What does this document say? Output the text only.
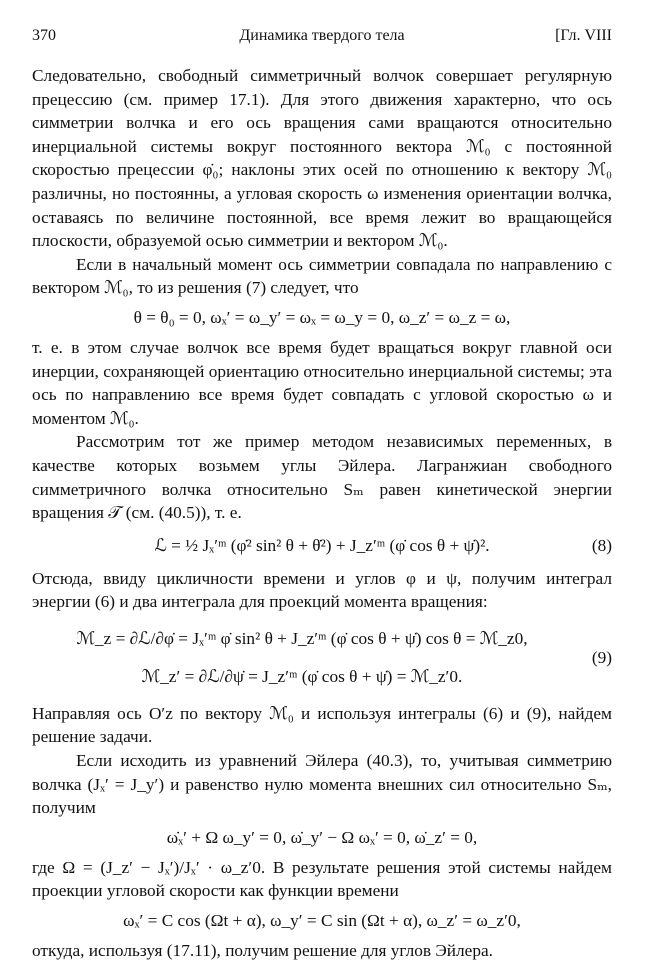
370	Динамика твердого тела	[Гл. VIII

Следовательно, свободный симметричный волчок совершает регулярную прецессию (см. пример 17.1). Для этого движения характерно, что ось симметрии волчка и его ось вращения сами вращаются относительно инерциальной системы вокруг постоянного вектора ℳ₀ с постоянной скоростью прецессии φ̇₀; наклоны этих осей по отношению к вектору ℳ₀ различны, но постоянны, а угловая скорость ω изменения ориентации волчка, оставаясь по величине постоянной, все время лежит во вращающейся плоскости, образуемой осью симметрии и вектором ℳ₀.

Если в начальный момент ось симметрии совпадала по направлению с вектором ℳ₀, то из решения (7) следует, что

θ = θ₀ = 0, ωₓ′ = ω_y′ = ωₓ = ω_y = 0, ω_z′ = ω_z = ω,

т. е. в этом случае волчок все время будет вращаться вокруг главной оси инерции, сохраняющей ориентацию относительно инерциальной системы; эта ось по направлению все время будет совпадать с угловой скоростью ω и моментом ℳ₀.

Рассмотрим тот же пример методом независимых переменных, в качестве которых возьмем углы Эйлера. Лагранжиан свободного симметричного волчка относительно Sₘ равен кинетической энергии вращения 𝒯 (см. (40.5)), т. е.

ℒ = ½ Jₓ′ᵐ (φ̇² sin² θ + θ̇²) + J_z′ᵐ (φ̇ cos θ + ψ̇)².	(8)

Отсюда, ввиду цикличности времени и углов φ и ψ, получим интеграл энергии (6) и два интеграла для проекций момента вращения:

ℳ_z = ∂ℒ/∂φ̇ = Jₓ′ᵐ φ̇ sin² θ + J_z′ᵐ (φ̇ cos θ + ψ̇) cos θ = ℳ_z0,
ℳ_z′ = ∂ℒ/∂ψ̇ = J_z′ᵐ (φ̇ cos θ + ψ̇) = ℳ_z′0.
(9)

Направляя ось O′z по вектору ℳ₀ и используя интегралы (6) и (9), найдем решение задачи.

Если исходить из уравнений Эйлера (40.3), то, учитывая симметрию волчка (Jₓ′ = J_y′) и равенство нулю момента внешних сил относительно Sₘ, получим

ω̇ₓ′ + Ω ω_y′ = 0, ω̇_y′ − Ω ωₓ′ = 0, ω̇_z′ = 0,

где Ω = (J_z′ − Jₓ′)/Jₓ′ · ω_z′0. В результате решения этой системы найдем проекции угловой скорости как функции времени

ωₓ′ = C cos (Ωt + α), ω_y′ = C sin (Ωt + α), ω_z′ = ω_z′0,

откуда, используя (17.11), получим решение для углов Эйлера.
